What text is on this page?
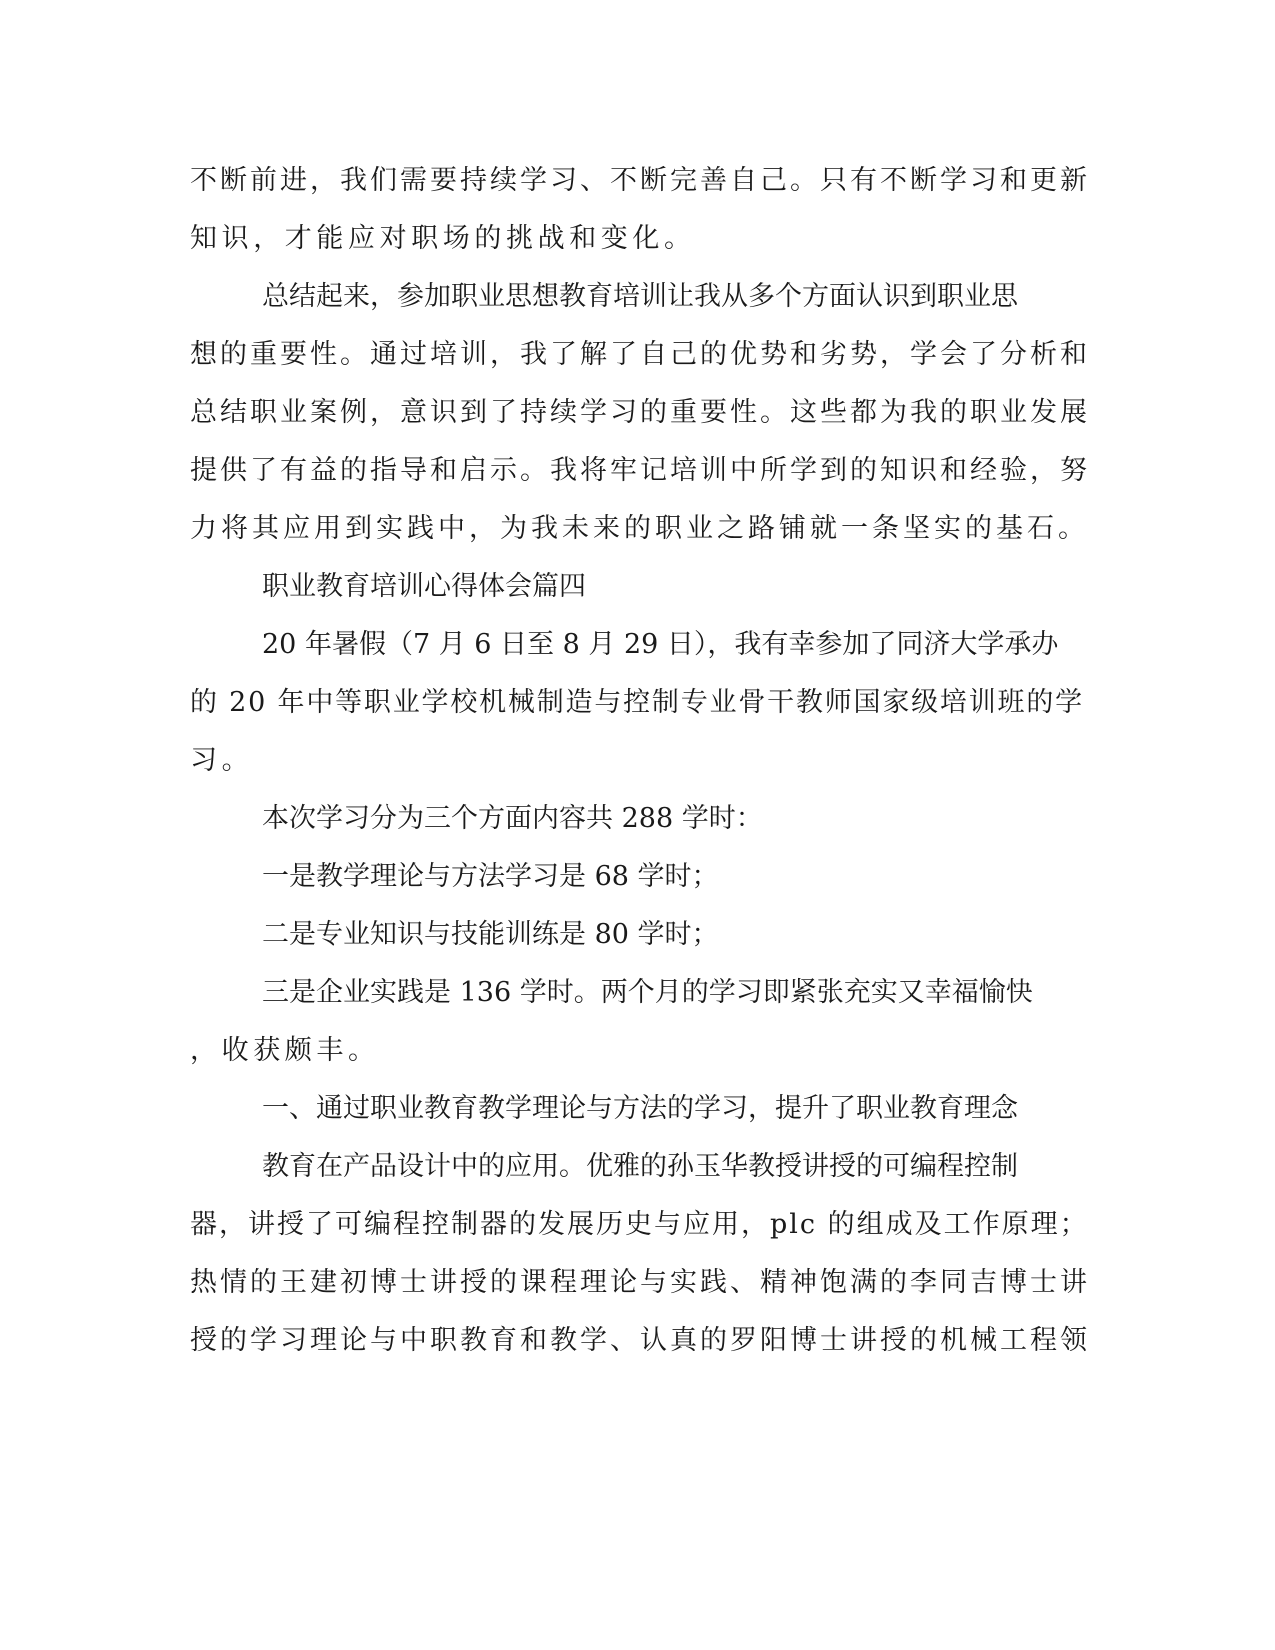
不断前进，我们需要持续学习、不断完善自己。只有不断学习和更新
知识，才能应对职场的挑战和变化。
总结起来，参加职业思想教育培训让我从多个方面认识到职业思
想的重要性。通过培训，我了解了自己的优势和劣势，学会了分析和
总结职业案例，意识到了持续学习的重要性。这些都为我的职业发展
提供了有益的指导和启示。我将牢记培训中所学到的知识和经验，努
力将其应用到实践中，为我未来的职业之路铺就一条坚实的基石。
职业教育培训心得体会篇四
20 年暑假（7 月 6 日至 8 月 29 日），我有幸参加了同济大学承办
的 20 年中等职业学校机械制造与控制专业骨干教师国家级培训班的学
习。
本次学习分为三个方面内容共 288 学时：
一是教学理论与方法学习是 68 学时；
二是专业知识与技能训练是 80 学时；
三是企业实践是 136 学时。两个月的学习即紧张充实又幸福愉快
，收获颇丰。
一、通过职业教育教学理论与方法的学习，提升了职业教育理念
教育在产品设计中的应用。优雅的孙玉华教授讲授的可编程控制
器，讲授了可编程控制器的发展历史与应用，plc 的组成及工作原理；
热情的王建初博士讲授的课程理论与实践、精神饱满的李同吉博士讲
授的学习理论与中职教育和教学、认真的罗阳博士讲授的机械工程领
